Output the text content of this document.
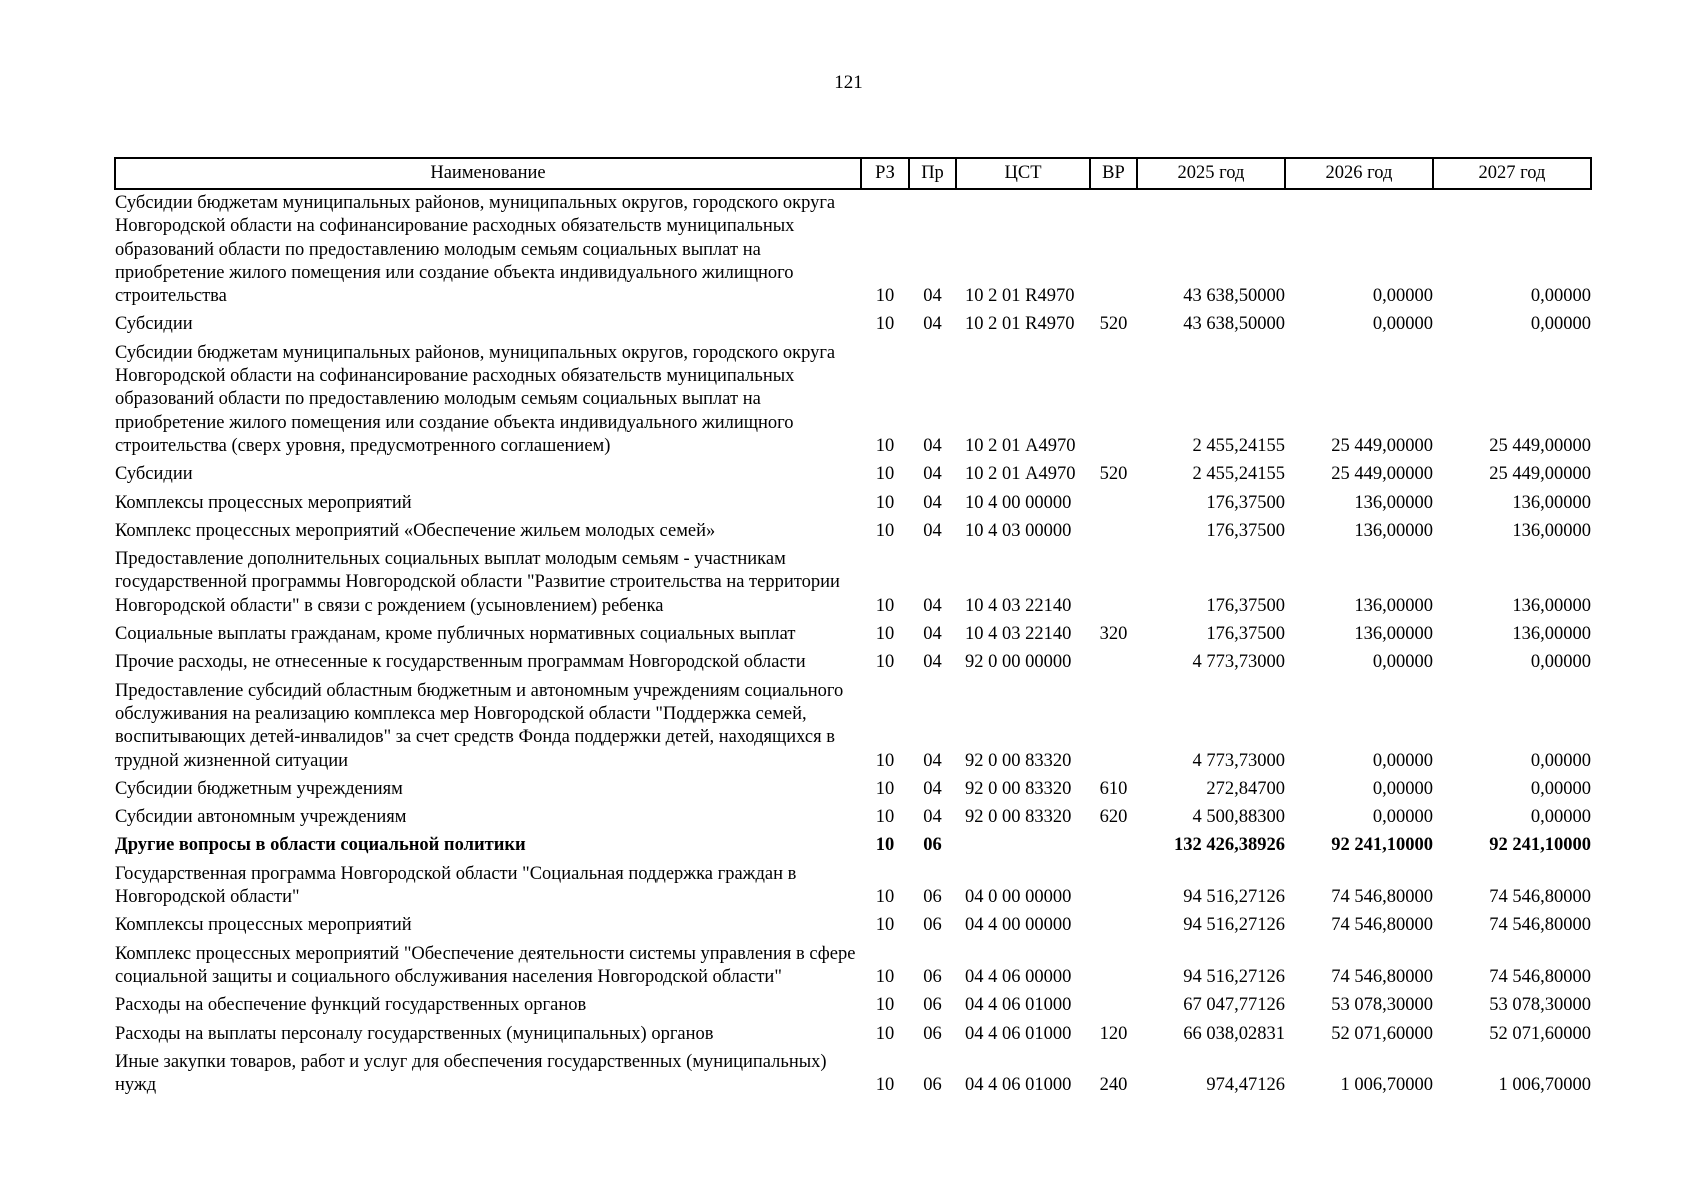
121
Наименование	РЗ	Пр	ЦСТ	ВР	2025 год	2026 год	2027 год
Субсидии бюджетам муниципальных районов, муниципальных округов, городского округа Новгородской области на софинансирование расходных обязательств муниципальных образований области по предоставлению молодым семьям социальных выплат на приобретение жилого помещения или создание объекта индивидуального жилищного строительства	10	04	10 2 01 R4970		43 638,50000	0,00000	0,00000
Субсидии	10	04	10 2 01 R4970	520	43 638,50000	0,00000	0,00000
Субсидии бюджетам муниципальных районов, муниципальных округов, городского округа Новгородской области на софинансирование расходных обязательств муниципальных образований области по предоставлению молодым семьям социальных выплат на приобретение жилого помещения или создание объекта индивидуального жилищного строительства (сверх уровня, предусмотренного соглашением)	10	04	10 2 01 А4970		2 455,24155	25 449,00000	25 449,00000
Субсидии	10	04	10 2 01 А4970	520	2 455,24155	25 449,00000	25 449,00000
Комплексы процессных мероприятий	10	04	10 4 00 00000		176,37500	136,00000	136,00000
Комплекс процессных мероприятий «Обеспечение жильем молодых семей»	10	04	10 4 03 00000		176,37500	136,00000	136,00000
Предоставление дополнительных социальных выплат молодым семьям - участникам государственной программы Новгородской области "Развитие строительства на территории Новгородской области" в связи с рождением (усыновлением) ребенка	10	04	10 4 03 22140		176,37500	136,00000	136,00000
Социальные выплаты гражданам, кроме публичных нормативных социальных выплат	10	04	10 4 03 22140	320	176,37500	136,00000	136,00000
Прочие расходы, не отнесенные к государственным программам Новгородской области	10	04	92 0 00 00000		4 773,73000	0,00000	0,00000
Предоставление субсидий областным бюджетным и автономным учреждениям социального обслуживания на реализацию комплекса мер Новгородской области "Поддержка семей, воспитывающих детей-инвалидов" за счет средств Фонда поддержки детей, находящихся в трудной жизненной ситуации	10	04	92 0 00 83320		4 773,73000	0,00000	0,00000
Субсидии бюджетным учреждениям	10	04	92 0 00 83320	610	272,84700	0,00000	0,00000
Субсидии автономным учреждениям	10	04	92 0 00 83320	620	4 500,88300	0,00000	0,00000
Другие вопросы в области социальной политики	10	06			132 426,38926	92 241,10000	92 241,10000
Государственная программа Новгородской области "Социальная поддержка граждан в Новгородской области"	10	06	04 0 00 00000		94 516,27126	74 546,80000	74 546,80000
Комплексы процессных мероприятий	10	06	04 4 00 00000		94 516,27126	74 546,80000	74 546,80000
Комплекс процессных мероприятий "Обеспечение деятельности системы управления в сфере социальной защиты и социального обслуживания населения Новгородской области"	10	06	04 4 06 00000		94 516,27126	74 546,80000	74 546,80000
Расходы на обеспечение функций государственных органов	10	06	04 4 06 01000		67 047,77126	53 078,30000	53 078,30000
Расходы на выплаты персоналу государственных (муниципальных) органов	10	06	04 4 06 01000	120	66 038,02831	52 071,60000	52 071,60000
Иные закупки товаров, работ и услуг для обеспечения государственных (муниципальных) нужд	10	06	04 4 06 01000	240	974,47126	1 006,70000	1 006,70000
